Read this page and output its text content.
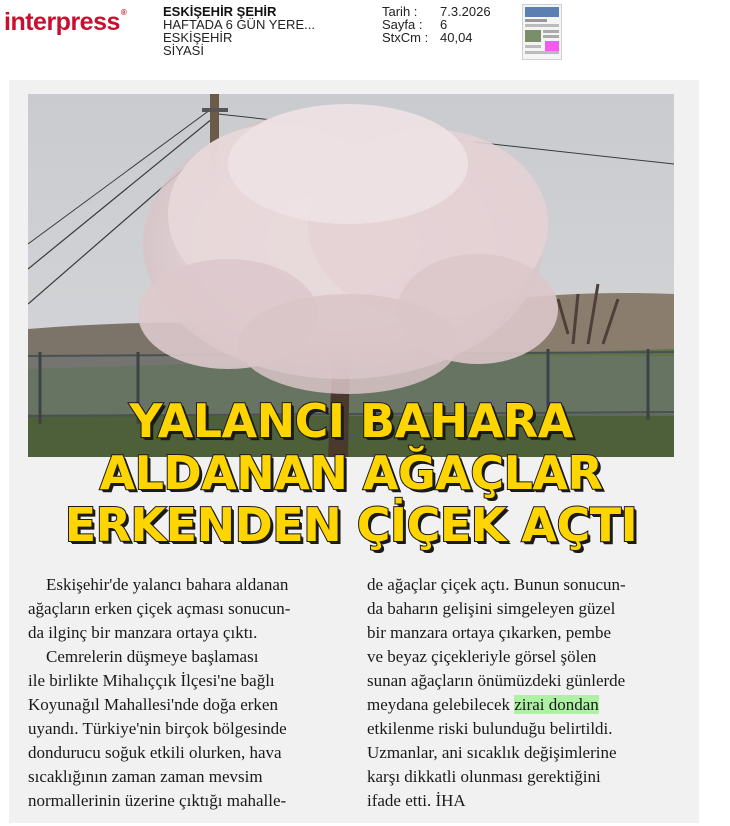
interpress®	ESKİŞEHİR ŞEHİR
HAFTADA 6 GÜN YERE...
ESKİŞEHİR
SİYASİ
Tarih :	7.3.2026
Sayfa :	6
StxCm : 40,04
YALANCI BAHARA
ALDANAN AĞAÇLAR
ERKENDEN ÇİÇEK AÇTI

Eskişehir'de yalancı bahara aldanan
ağaçların erken çiçek açması sonucun-
da ilginç bir manzara ortaya çıktı.

Cemrelerin düşmeye başlaması
ile birlikte Mihalıççık İlçesi'ne bağlı
Koyunağıl Mahallesi'nde doğa erken
uyandı. Türkiye'nin birçok bölgesinde
dondurucu soğuk etkili olurken, hava
sıcaklığının zaman zaman mevsim
normallerinin üzerine çıktığı mahalle-

de ağaçlar çiçek açtı. Bunun sonucun-
da baharın gelişini simgeleyen güzel
bir manzara ortaya çıkarken, pembe
ve beyaz çiçekleriyle görsel şölen
sunan ağaçların önümüzdeki günlerde
meydana gelebilecek zirai dondan
etkilenme riski bulunduğu belirtildi.
Uzmanlar, ani sıcaklık değişimlerine
karşı dikkatli olunması gerektiğini
ifade etti. İHA
